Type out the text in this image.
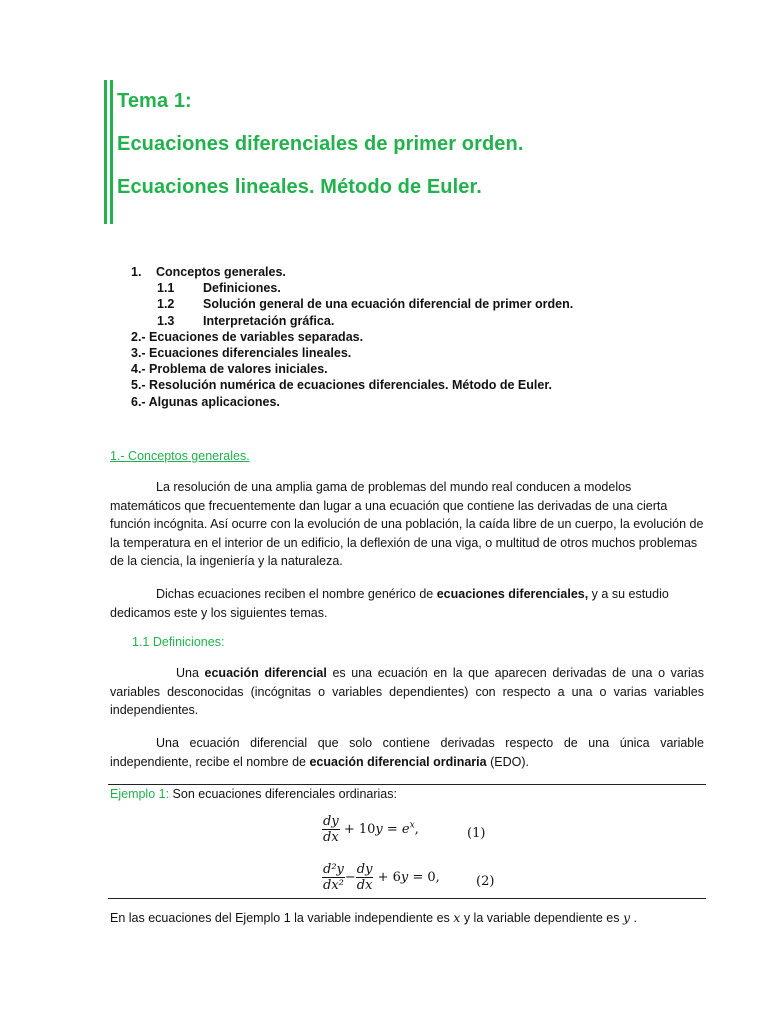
Tema 1:
Ecuaciones diferenciales de primer orden.
Ecuaciones lineales. Método de Euler.
1. Conceptos generales.
1.1 Definiciones.
1.2 Solución general de una ecuación diferencial de primer orden.
1.3 Interpretación gráfica.
2.- Ecuaciones de variables separadas.
3.- Ecuaciones diferenciales lineales.
4.- Problema de valores iniciales.
5.- Resolución numérica de ecuaciones diferenciales. Método de Euler.
6.- Algunas aplicaciones.
1.- Conceptos generales.
La resolución de una amplia gama de problemas del mundo real conducen a modelos matemáticos que frecuentemente dan lugar a una ecuación que contiene las derivadas de una cierta función incógnita. Así ocurre con la evolución de una población, la caída libre de un cuerpo, la evolución de la temperatura en el interior de un edificio, la deflexión de una viga, o multitud de otros muchos problemas de la ciencia, la ingeniería y la naturaleza.
Dichas ecuaciones reciben el nombre genérico de ecuaciones diferenciales, y a su estudio dedicamos este y los siguientes temas.
1.1 Definiciones:
Una ecuación diferencial es una ecuación en la que aparecen derivadas de una o varias variables desconocidas (incógnitas o variables dependientes) con respecto a una o varias variables independientes.
Una ecuación diferencial que solo contiene derivadas respecto de una única variable independiente, recibe el nombre de ecuación diferencial ordinaria (EDO).
Ejemplo 1: Son ecuaciones diferenciales ordinarias:
$\frac{dy}{dx}$ + 10𝑦 = 𝑒$^𝑥$,	(1)
$\frac{\text{d²y}}{\text{dx²}} - \frac{dy}{dx}$ + 6𝑦 = 0,	(2)
En las ecuaciones del Ejemplo 1 la variable independiente es x y la variable dependiente es y .
